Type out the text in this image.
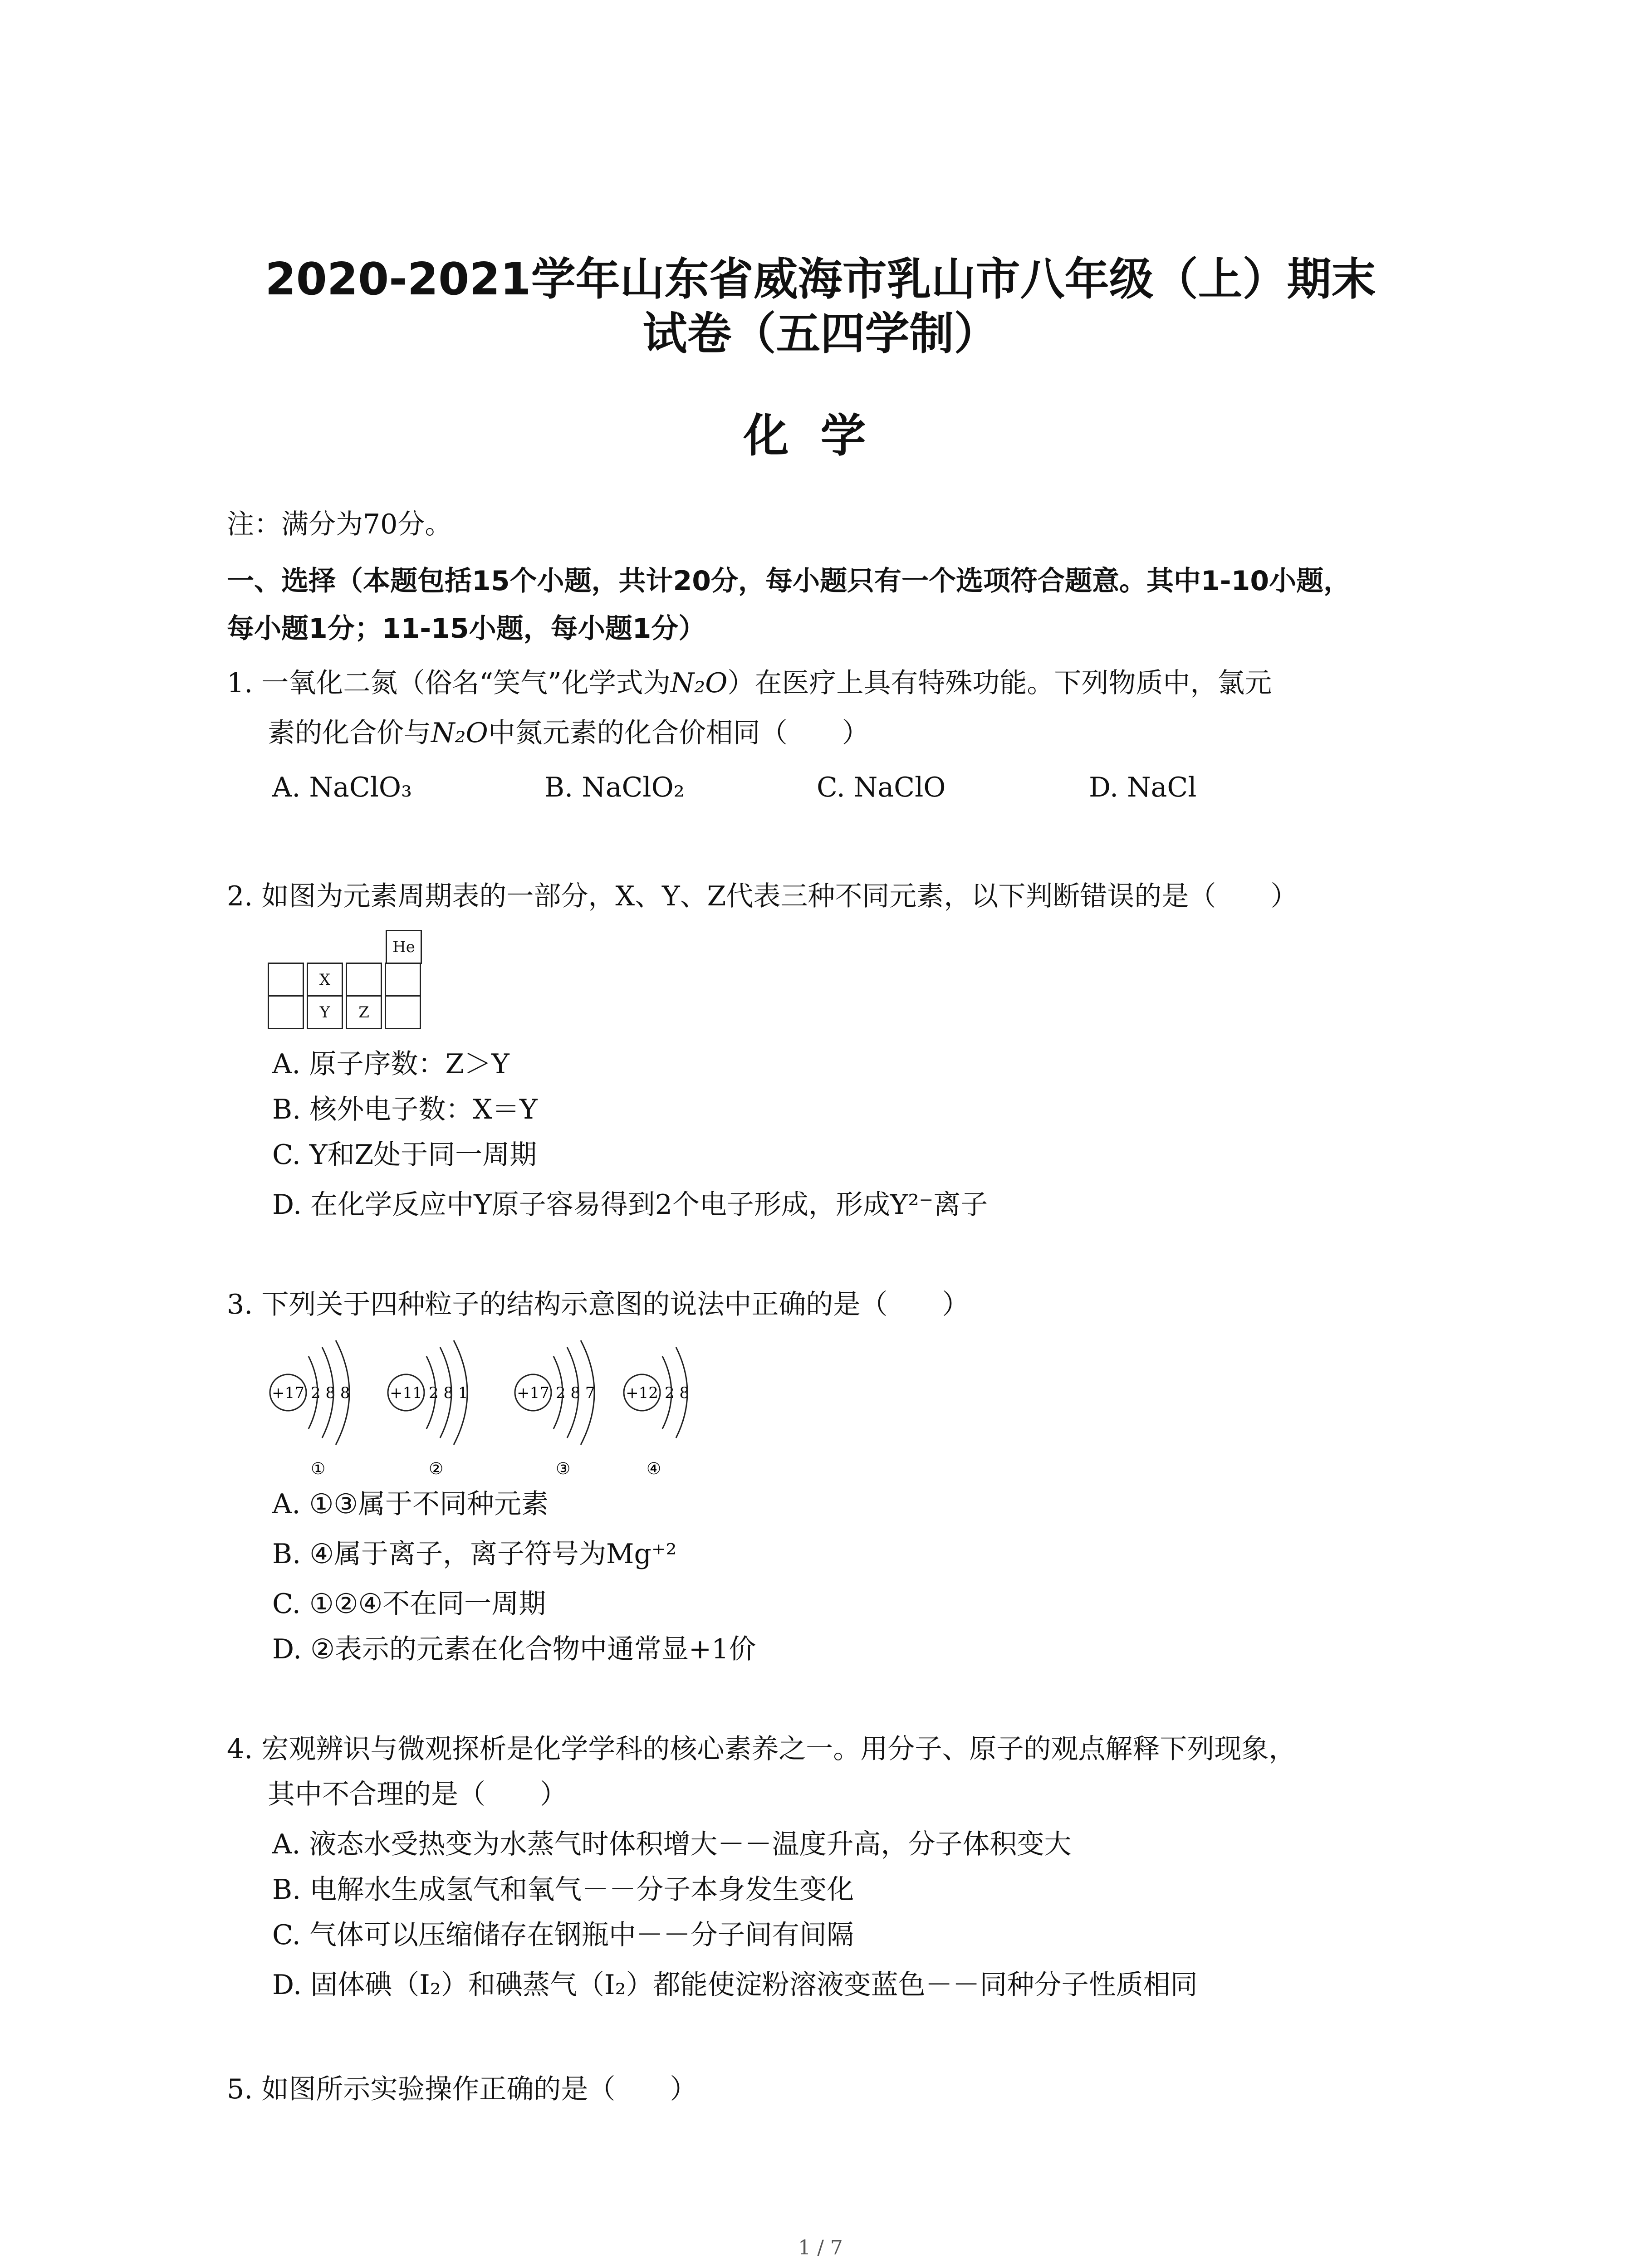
2020-2021学年山东省威海市乳山市八年级（上）期末
试卷（五四学制）
化学
注：满分为70分。
一、选择（本题包括15个小题，共计20分，每小题只有一个选项符合题意。其中1-10小题，
每小题1分；11-15小题，每小题1分）
1. 一氧化二氮（俗名“笑气”化学式为N₂O）在医疗上具有特殊功能。下列物质中，氯元
素的化合价与N₂O中氮元素的化合价相同（　　）
A. NaClO₃	B. NaClO₂	C. NaClO	D. NaCl
2. 如图为元素周期表的一部分，X、Y、Z代表三种不同元素，以下判断错误的是（　　）
He
X
Y	Z
A. 原子序数：Z＞Y
B. 核外电子数：X＝Y
C. Y和Z处于同一周期
D. 在化学反应中Y原子容易得到2个电子形成，形成Y²⁻离子
3. 下列关于四种粒子的结构示意图的说法中正确的是（　　）
+17 2 8 8
①
+11 2 8 1
②
+17 2 8 7
③
+12 2 8
④
A. ①③属于不同种元素
B. ④属于离子，离子符号为Mg⁺²
C. ①②④不在同一周期
D. ②表示的元素在化合物中通常显+1价
4. 宏观辨识与微观探析是化学学科的核心素养之一。用分子、原子的观点解释下列现象，
其中不合理的是（　　）
A. 液态水受热变为水蒸气时体积增大－－温度升高，分子体积变大
B. 电解水生成氢气和氧气－－分子本身发生变化
C. 气体可以压缩储存在钢瓶中－－分子间有间隔
D. 固体碘（I₂）和碘蒸气（I₂）都能使淀粉溶液变蓝色－－同种分子性质相同
5. 如图所示实验操作正确的是（　　）
1 / 7
